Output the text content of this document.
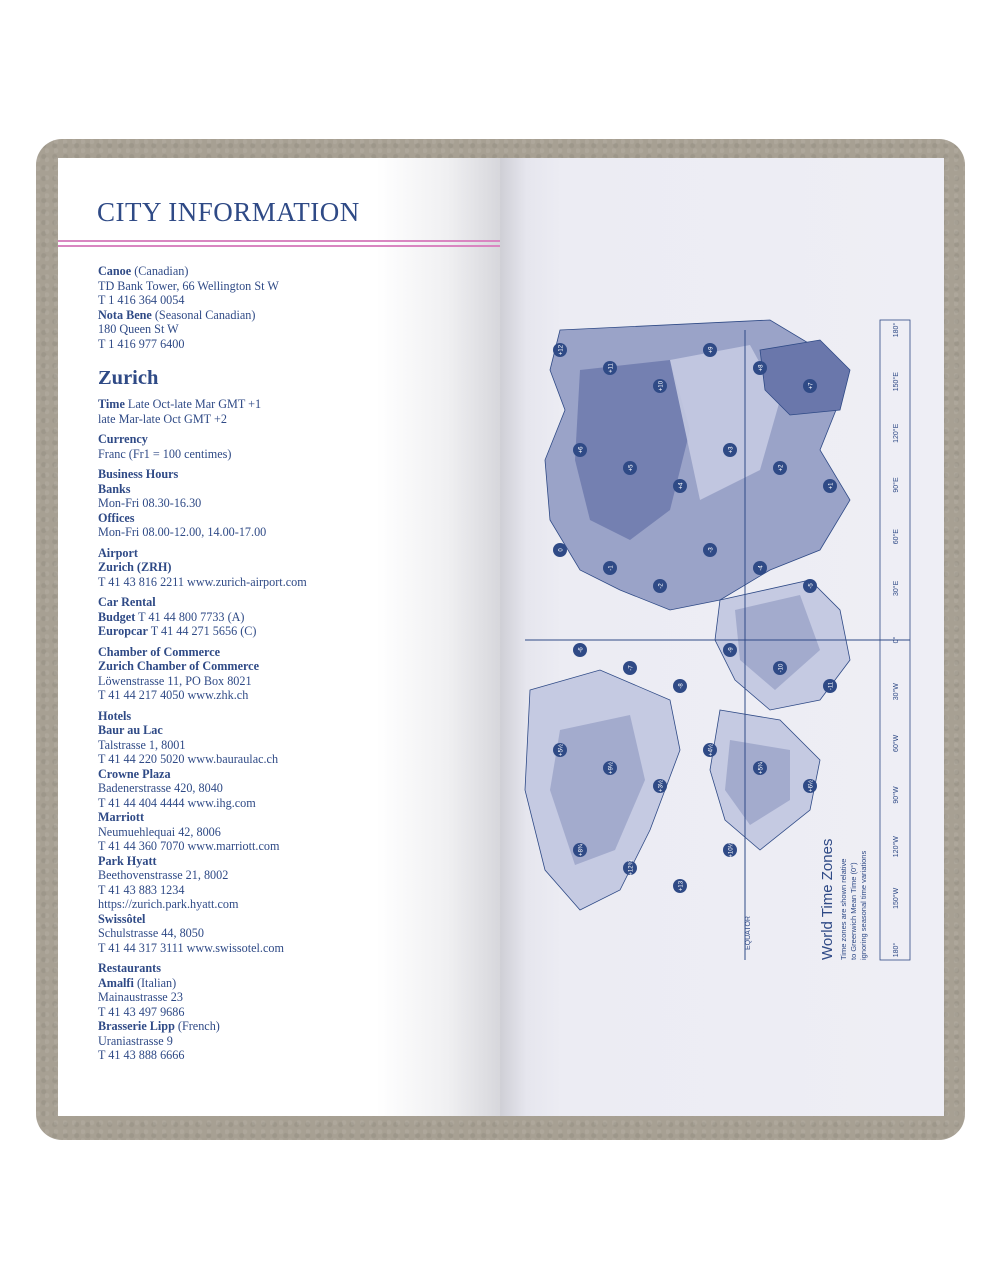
CITY INFORMATION
Canoe (Canadian)
TD Bank Tower, 66 Wellington St W
T 1 416 364 0054
Nota Bene (Seasonal Canadian)
180 Queen St W
T 1 416 977 6400
Zurich
Time Late Oct-late Mar GMT +1
late Mar-late Oct GMT +2
Currency
Franc (Fr1 = 100 centimes)
Business Hours
Banks
Mon-Fri 08.30-16.30
Offices
Mon-Fri 08.00-12.00, 14.00-17.00
Airport
Zurich (ZRH)
T 41 43 816 2211 www.zurich-airport.com
Car Rental
Budget T 41 44 800 7733 (A)
Europcar T 41 44 271 5656 (C)
Chamber of Commerce
Zurich Chamber of Commerce
Löwenstrasse 11, PO Box 8021
T 41 44 217 4050 www.zhk.ch
Hotels
Baur au Lac
Talstrasse 1, 8001
T 41 44 220 5020 www.bauraulac.ch
Crowne Plaza
Badenerstrasse 420, 8040
T 41 44 404 4444 www.ihg.com
Marriott
Neumuehlequai 42, 8006
T 41 44 360 7070 www.marriott.com
Park Hyatt
Beethovenstrasse 21, 8002
T 41 43 883 1234
https://zurich.park.hyatt.com
Swissôtel
Schulstrasse 44, 8050
T 41 44 317 3111 www.swissotel.com
Restaurants
Amalfi (Italian)
Mainaustrasse 23
T 41 43 497 9686
Brasserie Lipp (French)
Uraniastrasse 9
T 41 43 888 6666
180°
150°E
120°E
90°E
60°E
30°E
0°
30°W
60°W
90°W
120°W
150°W
180°
+12
+11
+10
+9
+8
+7
+6
+5
+4
+3
+2
+1
0
-1
-2
-3
-4
-5
-6
-7
-8
-9
-10
-11
+5½
+9½
+3½
+4½
+5¾
+6½
+8¾
+12¾
+13
+10½
EQUATOR	World Time Zones Time zones are shown relative to Greenwich Mean Time (0°) ignoring seasonal time variations
